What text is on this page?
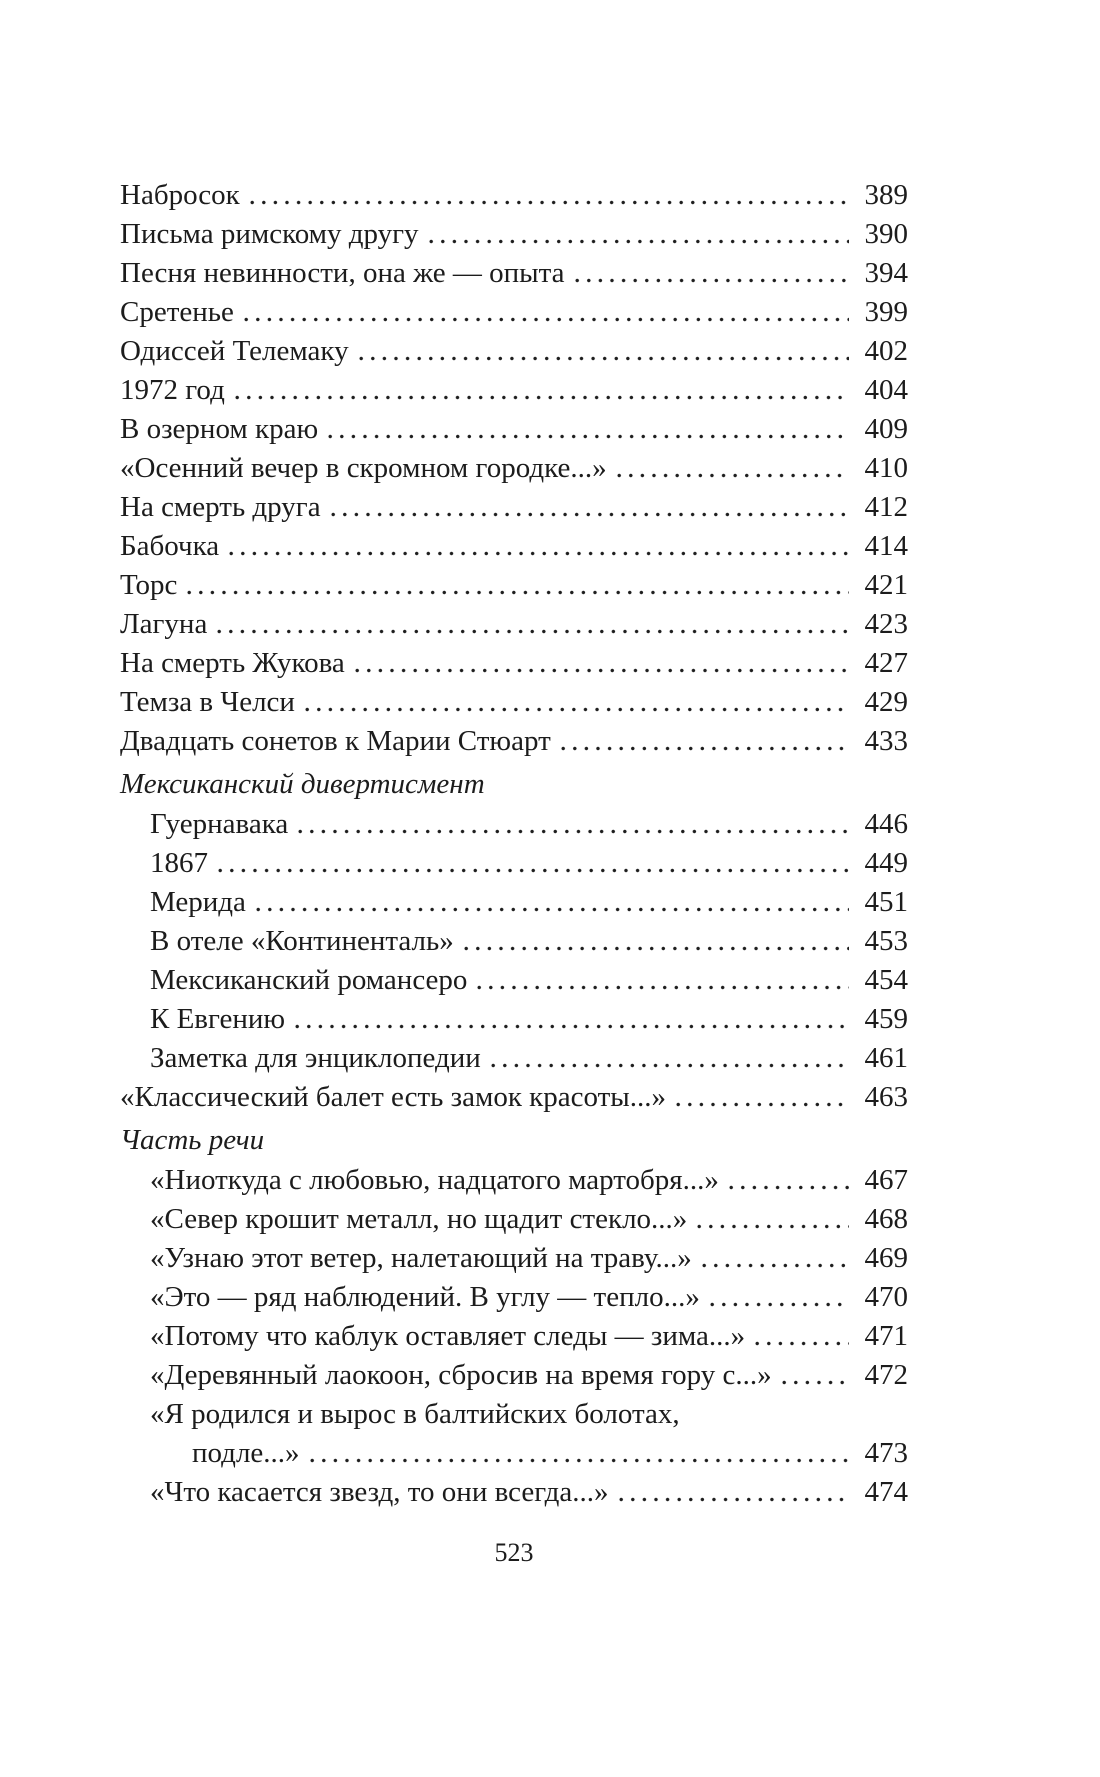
Набросок	389
Письма римскому другу	390
Песня невинности, она же — опыта	394
Сретенье	399
Одиссей Телемаку	402
1972 год	404
В озерном краю	409
«Осенний вечер в скромном городке...»	410
На смерть друга	412
Бабочка	414
Торс	421
Лагуна	423
На смерть Жукова	427
Темза в Челси	429
Двадцать сонетов к Марии Стюарт	433
Мексиканский дивертисмент
Гуернавака	446
1867	449
Мерида	451
В отеле «Континенталь»	453
Мексиканский романсеро	454
К Евгению	459
Заметка для энциклопедии	461
«Классический балет есть замок красоты...»	463
Часть речи
«Ниоткуда с любовью, надцатого мартобря...»	467
«Север крошит металл, но щадит стекло...»	468
«Узнаю этот ветер, налетающий на траву...»	469
«Это — ряд наблюдений. В углу — тепло...»	470
«Потому что каблук оставляет следы — зима...»	471
«Деревянный лаокоон, сбросив на время гору с...»	472
«Я родился и вырос в балтийских болотах,
подле...»	473
«Что касается звезд, то они всегда...»	474
523
